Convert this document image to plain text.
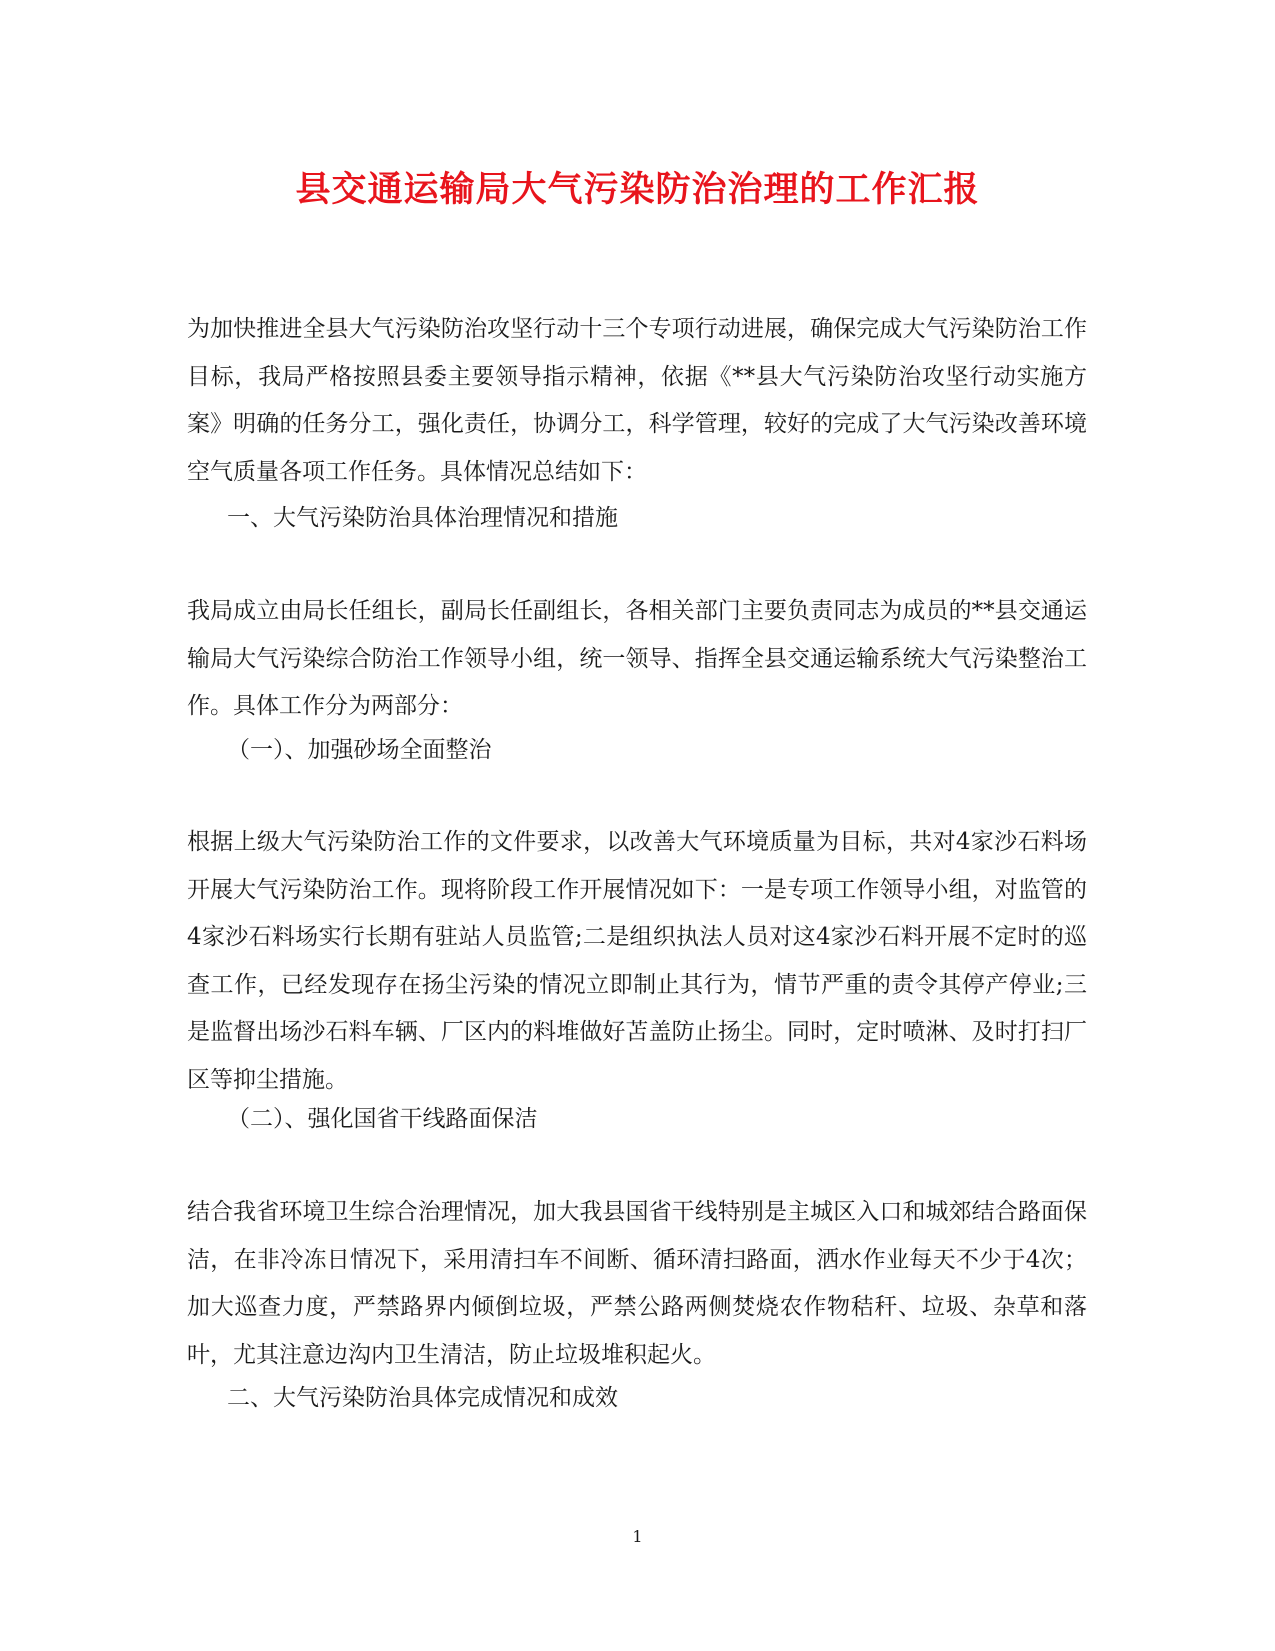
县交通运输局大气污染防治治理的工作汇报

为加快推进全县大气污染防治攻坚行动十三个专项行动进展，确保完成大气污染防治工作目标，我局严格按照县委主要领导指示精神，依据《**县大气污染防治攻坚行动实施方案》明确的任务分工，强化责任，协调分工，科学管理，较好的完成了大气污染改善环境空气质量各项工作任务。具体情况总结如下：

一、大气污染防治具体治理情况和措施

我局成立由局长任组长，副局长任副组长，各相关部门主要负责同志为成员的**县交通运输局大气污染综合防治工作领导小组，统一领导、指挥全县交通运输系统大气污染整治工作。具体工作分为两部分：

（一）、加强砂场全面整治

根据上级大气污染防治工作的文件要求，以改善大气环境质量为目标，共对4家沙石料场开展大气污染防治工作。现将阶段工作开展情况如下：一是专项工作领导小组，对监管的4家沙石料场实行长期有驻站人员监管;二是组织执法人员对这4家沙石料开展不定时的巡查工作，已经发现存在扬尘污染的情况立即制止其行为，情节严重的责令其停产停业;三是监督出场沙石料车辆、厂区内的料堆做好苫盖防止扬尘。同时，定时喷淋、及时打扫厂区等抑尘措施。

（二）、强化国省干线路面保洁

结合我省环境卫生综合治理情况，加大我县国省干线特别是主城区入口和城郊结合路面保洁，在非冷冻日情况下，采用清扫车不间断、循环清扫路面，洒水作业每天不少于4次；加大巡查力度，严禁路界内倾倒垃圾，严禁公路两侧焚烧农作物秸秆、垃圾、杂草和落叶，尤其注意边沟内卫生清洁，防止垃圾堆积起火。

二、大气污染防治具体完成情况和成效

1
